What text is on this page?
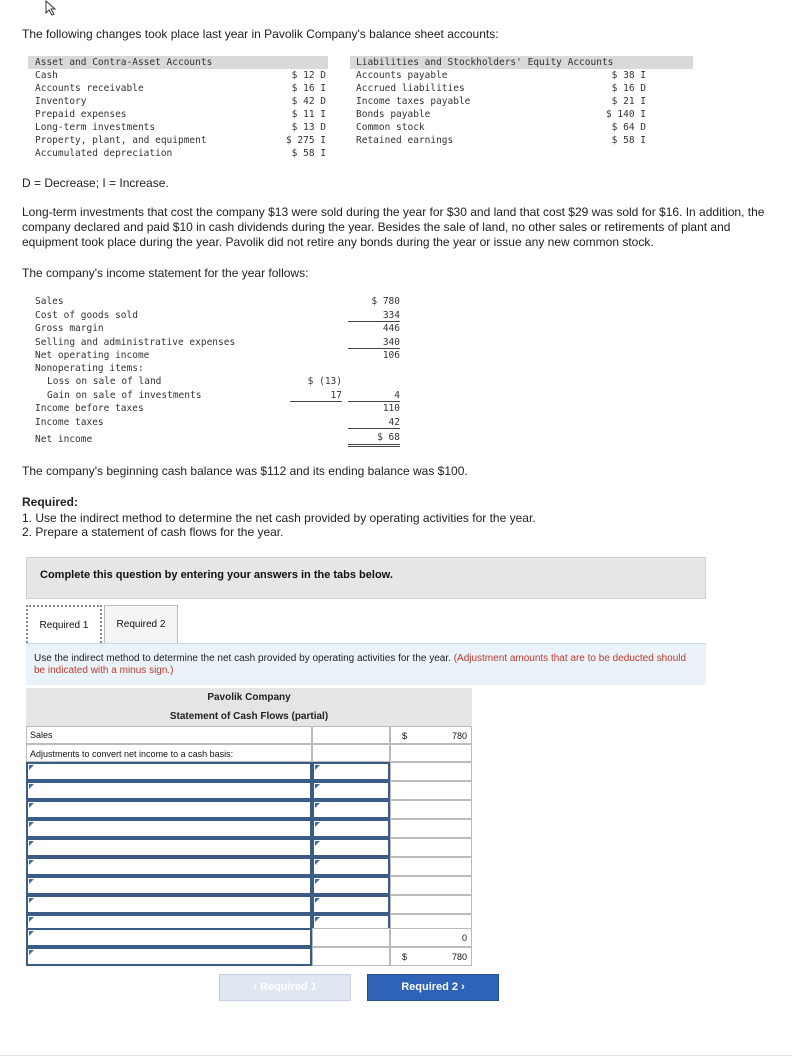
The following changes took place last year in Pavolik Company's balance sheet accounts:
Asset and Contra-Asset Accounts	Liabilities and Stockholders' Equity Accounts
Cash	$ 12 D
Accounts receivable	$ 16 I
Inventory	$ 42 D
Prepaid expenses	$ 11 I
Long-term investments	$ 13 D
Property, plant, and equipment	$ 275 I
Accumulated depreciation	$ 58 I
Accounts payable	$ 38 I
Accrued liabilities	$ 16 D
Income taxes payable	$ 21 I
Bonds payable	$ 140 I
Common stock	$ 64 D
Retained earnings	$ 58 I
D = Decrease; I = Increase.
Long-term investments that cost the company $13 were sold during the year for $30 and land that cost $29 was sold for $16. In addition, the company declared and paid $10 in cash dividends during the year. Besides the sale of land, no other sales or retirements of plant and equipment took place during the year. Pavolik did not retire any bonds during the year or issue any new common stock.
The company's income statement for the year follows:
Sales	$ 780
Cost of goods sold	334
Gross margin	446
Selling and administrative expenses	340
Net operating income	106
Nonoperating items:
Loss on sale of land	$ (13)
Gain on sale of investments	17	4
Income before taxes	110
Income taxes	42
Net income	$ 68
The company's beginning cash balance was $112 and its ending balance was $100.
Required:
1. Use the indirect method to determine the net cash provided by operating activities for the year.
2. Prepare a statement of cash flows for the year.
Complete this question by entering your answers in the tabs below.
Required 1	Required 2
Use the indirect method to determine the net cash provided by operating activities for the year. (Adjustment amounts that are to be deducted should be indicated with a minus sign.)
Pavolik Company
Statement of Cash Flows (partial)
Sales	$	780
Adjustments to convert net income to a cash basis:
0
$	780
‹ Required 1	Required 2 ›
